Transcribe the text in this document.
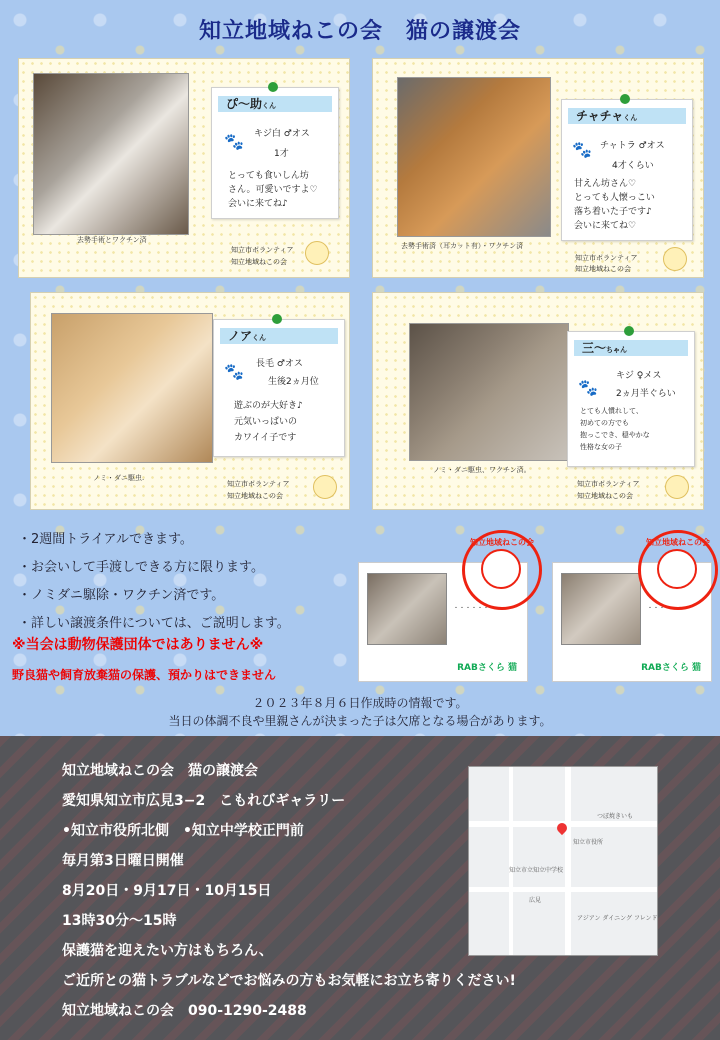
知立地域ねこの会　猫の譲渡会
去勢手術とワクチン済
ぴ～助くん
🐾 キジ白 ♂オス
1才
とっても食いしん坊
さん。可愛いですよ♡
会いに来てね♪
知立市ボランティア
知立地域ねこの会
去勢手術済（耳カット有）・ワクチン済
チャチャくん
🐾 チャトラ ♂オス
4才くらい
甘えん坊さん♡
とっても人懐っこい
落ち着いた子です♪
会いに来てね♡
知立市ボランティア
知立地域ねこの会
ノミ・ダニ駆虫.
ノアくん
🐾 長毛 ♂オス
生後2ヵ月位
遊ぶのが大好き♪
元気いっぱいの
カワイイ子です
知立市ボランティア
知立地域ねこの会
ノミ・ダニ駆虫、ワクチン済。
三～ちゃん
🐾
キジ ♀メス
2ヵ月半ぐらい
とても人慣れして、
初めての方でも
抱っこでき、穏やかな
性格な女の子
知立市ボランティア
知立地域ねこの会
・2週間トライアルできます。
・お会いして手渡しできる方に限ります。
・ノミダニ駆除・ワクチン済です。
・詳しい譲渡条件については、ご説明します。
※当会は動物保護団体ではありません※
野良猫や飼育放棄猫の保護、預かりはできません
・・・・・・
RABさくら 猫
知立地域ねこの会
・・・・・・
RABさくら 猫
知立地域ねこの会
２０２３年８月６日作成時の情報です。
当日の体調不良や里親さんが決まった子は欠席となる場合があります。
知立地域ねこの会　猫の譲渡会
愛知県知立市広見3−2　こもれびギャラリー
•知立市役所北側　•知立中学校正門前
毎月第3日曜日開催
8月20日・9月17日・10月15日
13時30分～15時
保護猫を迎えたい方はもちろん、
ご近所との猫トラブルなどでお悩みの方もお気軽にお立ち寄りください!
知立地域ねこの会　090-1290-2488
知立市役所
知立市立知立中学校
広見
つぼ焼きいも
アジアン ダイニング フレンド
